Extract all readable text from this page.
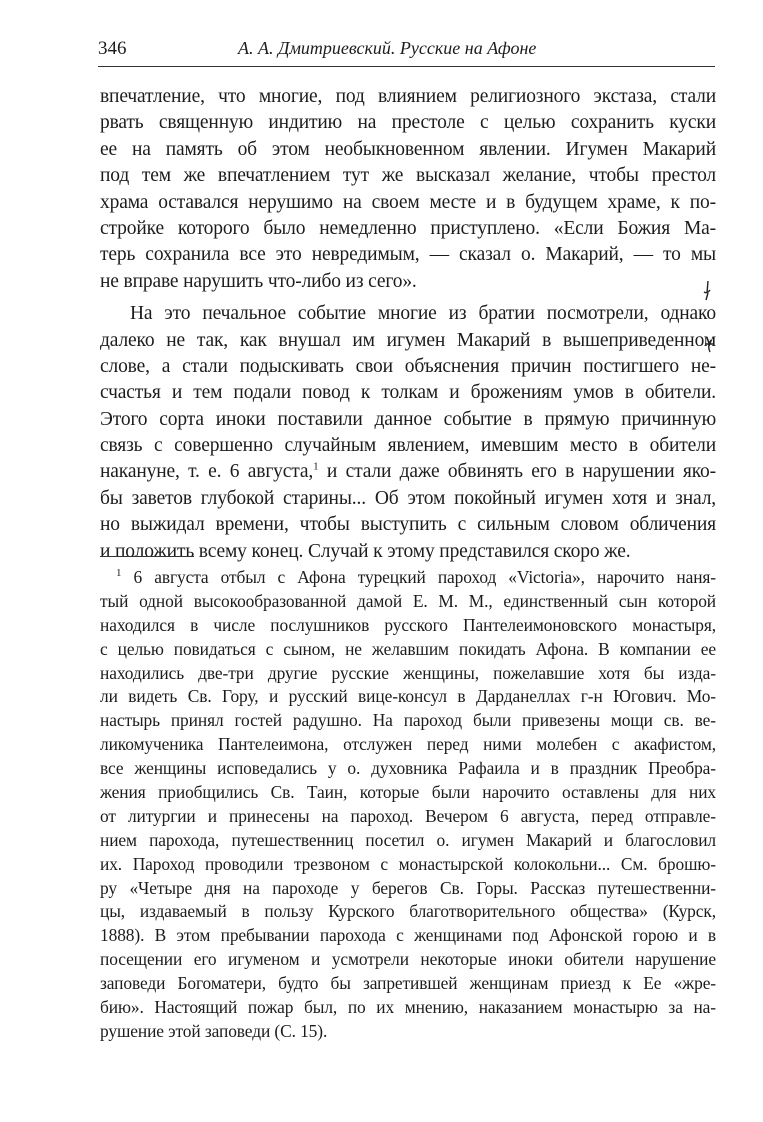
346	А. А. Дмитриевский. Русские на Афоне
впечатление, что многие, под влиянием религиозного экстаза, стали
рвать священную индитию на престоле с целью сохранить куски
ее на память об этом необыкновенном явлении. Игумен Макарий
под тем же впечатлением тут же высказал желание, чтобы престол
храма оставался нерушимо на своем месте и в будущем храме, к по-
стройке которого было немедленно приступлено. «Если Божия Ма-
терь сохранила все это невредимым, — сказал о. Макарий, — то мы
не вправе нарушить что-либо из сего».
На это печальное событие многие из братии посмотрели, однако
далеко не так, как внушал им игумен Макарий в вышеприведенном
слове, а стали подыскивать свои объяснения причин постигшего не-
счастья и тем подали повод к толкам и брожениям умов в обители.
Этого сорта иноки поставили данное событие в прямую причинную
связь с совершенно случайным явлением, имевшим место в обители
накануне, т. е. 6 августа,$^1$ и стали даже обвинять его в нарушении яко-
бы заветов глубокой старины... Об этом покойный игумен хотя и знал,
но выжидал времени, чтобы выступить с сильным словом обличения
и положить всему конец. Случай к этому представился скоро же.
$^1$ 6 августа отбыл с Афона турецкий пароход «Victoria», нарочито наня-
тый одной высокообразованной дамой Е. М. М., единственный сын которой
находился в числе послушников русского Пантелеимоновского монастыря,
с целью повидаться с сыном, не желавшим покидать Афона. В компании ее
находились две-три другие русские женщины, пожелавшие хотя бы изда-
ли видеть Св. Гору, и русский вице-консул в Дарданеллах г-н Югович. Мо-
настырь принял гостей радушно. На пароход были привезены мощи св. ве-
ликомученика Пантелеимона, отслужен перед ними молебен с акафистом,
все женщины исповедались у о. духовника Рафаила и в праздник Преобра-
жения приобщились Св. Таин, которые были нарочито оставлены для них
от литургии и принесены на пароход. Вечером 6 августа, перед отправле-
нием парохода, путешественниц посетил о. игумен Макарий и благословил
их. Пароход проводили трезвоном с монастырской колокольни... См. брошю-
ру «Четыре дня на пароходе у берегов Св. Горы. Рассказ путешественни-
цы, издаваемый в пользу Курского благотворительного общества» (Курск,
1888). В этом пребывании парохода с женщинами под Афонской горою и в
посещении его игуменом и усмотрели некоторые иноки обители нарушение
заповеди Богоматери, будто бы запретившей женщинам приезд к Ее «жре-
бию». Настоящий пожар был, по их мнению, наказанием монастырю за на-
рушение этой заповеди (С. 15).
